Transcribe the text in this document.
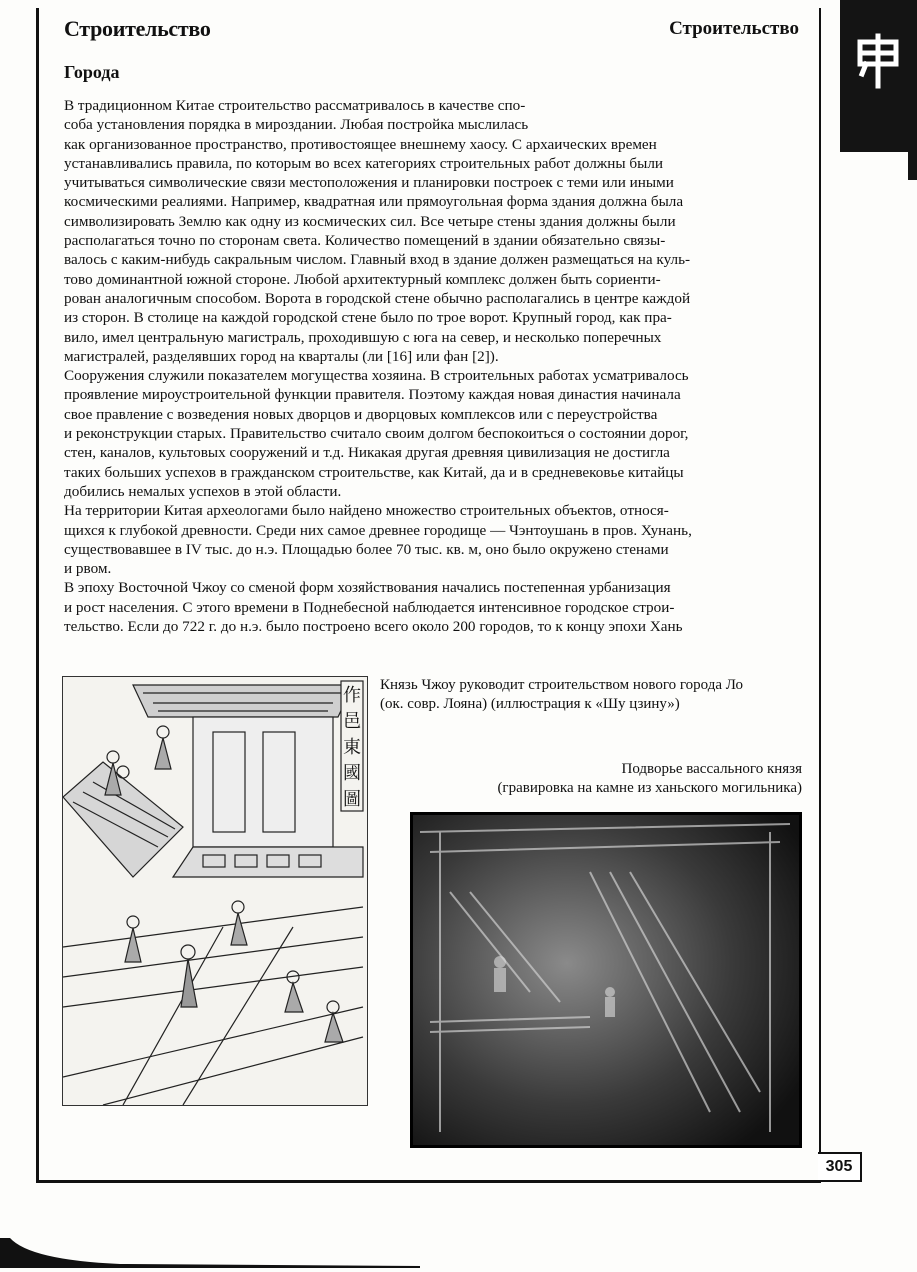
Строительство	Строительство
Города

В традиционном Китае строительство рассматривалось в качестве спо-
соба установления порядка в мироздании. Любая постройка мыслилась
как организованное пространство, противостоящее внешнему хаосу. С архаических времен
устанавливались правила, по которым во всех категориях строительных работ должны были
учитываться символические связи местоположения и планировки построек с теми или иными
космическими реалиями. Например, квадратная или прямоугольная форма здания должна была
символизировать Землю как одну из космических сил. Все четыре стены здания должны были
располагаться точно по сторонам света. Количество помещений в здании обязательно связы-
валось с каким-нибудь сакральным числом. Главный вход в здание должен размещаться на куль-
тово доминантной южной стороне. Любой архитектурный комплекс должен быть сориенти-
рован аналогичным способом. Ворота в городской стене обычно располагались в центре каждой
из сторон. В столице на каждой городской стене было по трое ворот. Крупный город, как пра-
вило, имел центральную магистраль, проходившую с юга на север, и несколько поперечных
магистралей, разделявших город на кварталы (ли [16] или фан [2]).

Сооружения служили показателем могущества хозяина. В строительных работах усматривалось
проявление мироустроительной функции правителя. Поэтому каждая новая династия начинала
свое правление с возведения новых дворцов и дворцовых комплексов или с переустройства
и реконструкции старых. Правительство считало своим долгом беспокоиться о состоянии дорог,
стен, каналов, культовых сооружений и т.д. Никакая другая древняя цивилизация не достигла
таких больших успехов в гражданском строительстве, как Китай, да и в средневековье китайцы
добились немалых успехов в этой области.

На территории Китая археологами было найдено множество строительных объектов, относя-
щихся к глубокой древности. Среди них самое древнее городище — Чэнтоушань в пров. Хунань,
существовавшее в IV тыс. до н.э. Площадью более 70 тыс. кв. м, оно было окружено стенами
и рвом.

В эпоху Восточной Чжоу со сменой форм хозяйствования начались постепенная урбанизация
и рост населения. С этого времени в Поднебесной наблюдается интенсивное городское строи-
тельство. Если до 722 г. до н.э. было построено всего около 200 городов, то к концу эпохи Хань

作
邑
東
國
圖
Князь Чжоу руководит строительством нового города Ло
(ок. совр. Лояна) (иллюстрация к «Шу цзину»)
Подворье вассального князя
(гравировка на камне из ханьского могильника)
305
